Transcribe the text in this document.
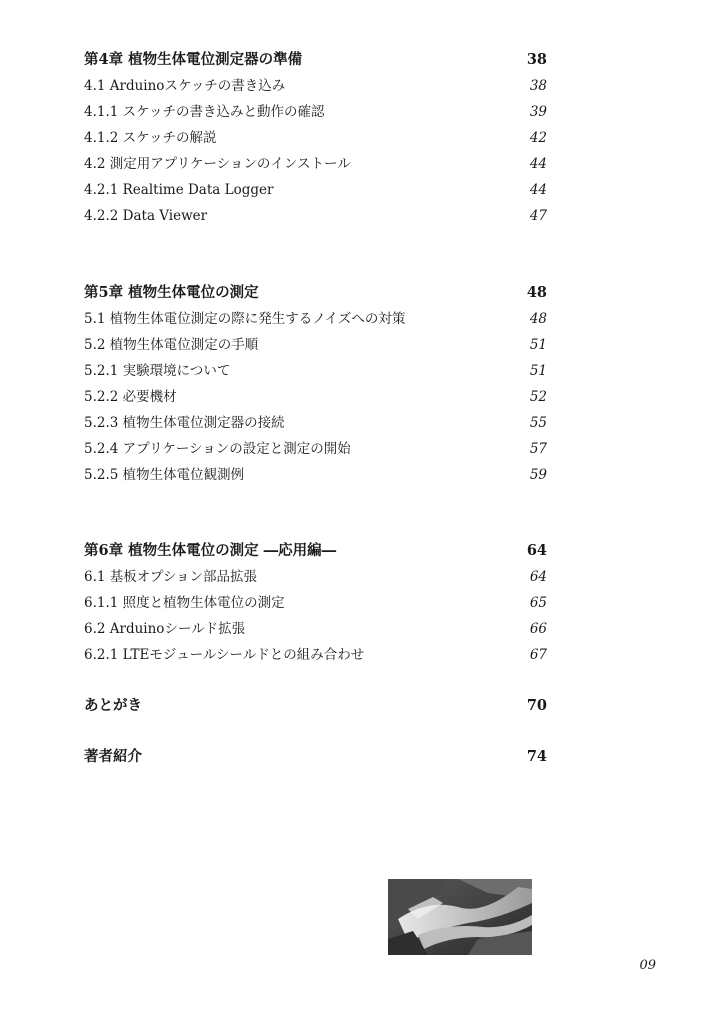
第4章 植物生体電位測定器の準備	38
4.1 Arduinoスケッチの書き込み	38
4.1.1 スケッチの書き込みと動作の確認	39
4.1.2 スケッチの解説	42
4.2 測定用アプリケーションのインストール	44
4.2.1 Realtime Data Logger	44
4.2.2 Data Viewer	47
第5章 植物生体電位の測定	48
5.1 植物生体電位測定の際に発生するノイズへの対策	48
5.2 植物生体電位測定の手順	51
5.2.1 実験環境について	51
5.2.2 必要機材	52
5.2.3 植物生体電位測定器の接続	55
5.2.4 アプリケーションの設定と測定の開始	57
5.2.5 植物生体電位観測例	59
第6章 植物生体電位の測定 ―応用編―	64
6.1 基板オプション部品拡張	64
6.1.1 照度と植物生体電位の測定	65
6.2 Arduinoシールド拡張	66
6.2.1 LTEモジュールシールドとの組み合わせ	67
あとがき	70
著者紹介	74
09
